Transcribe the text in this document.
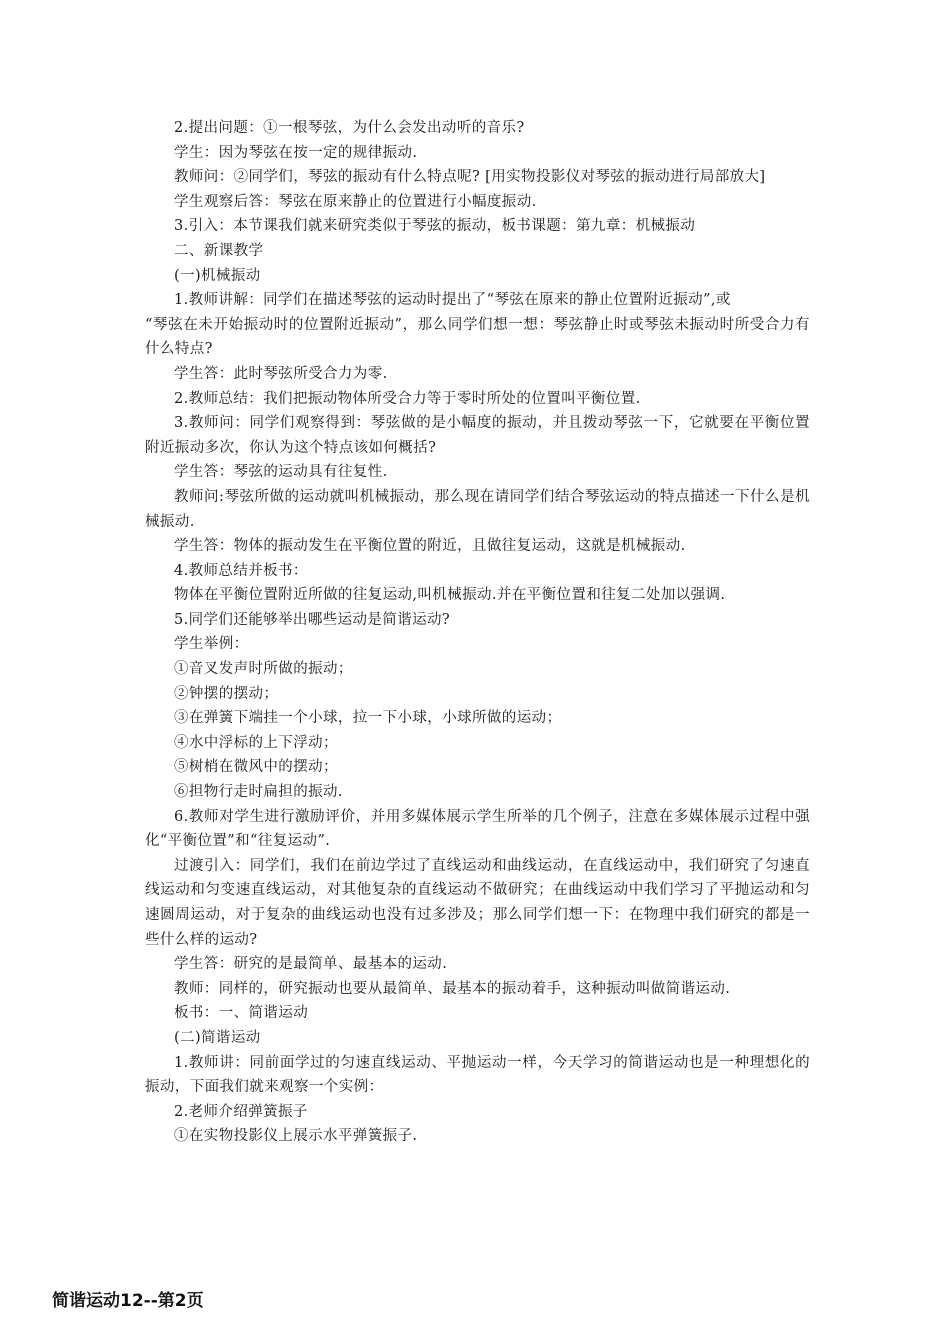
2.提出问题：①一根琴弦，为什么会发出动听的音乐?

学生：因为琴弦在按一定的规律振动.

教师问：②同学们，琴弦的振动有什么特点呢? [用实物投影仪对琴弦的振动进行局部放大]

学生观察后答：琴弦在原来静止的位置进行小幅度振动.

3.引入：本节课我们就来研究类似于琴弦的振动，板书课题：第九章：机械振动

二、新课教学

(一)机械振动

1.教师讲解：同学们在描述琴弦的运动时提出了“琴弦在原来的静止位置附近振动”,或

“琴弦在未开始振动时的位置附近振动”，那么同学们想一想：琴弦静止时或琴弦未振动时所受合力有什么特点?

学生答：此时琴弦所受合力为零.

2.教师总结：我们把振动物体所受合力等于零时所处的位置叫平衡位置.

3.教师问：同学们观察得到：琴弦做的是小幅度的振动，并且拨动琴弦一下，它就要在平衡位置附近振动多次，你认为这个特点该如何概括?

学生答：琴弦的运动具有往复性.

教师问:琴弦所做的运动就叫机械振动，那么现在请同学们结合琴弦运动的特点描述一下什么是机械振动.

学生答：物体的振动发生在平衡位置的附近，且做往复运动，这就是机械振动.

4.教师总结并板书：

物体在平衡位置附近所做的往复运动,叫机械振动.并在平衡位置和往复二处加以强调.

5.同学们还能够举出哪些运动是简谐运动?

学生举例：

①音叉发声时所做的振动；

②钟摆的摆动；

③在弹簧下端挂一个小球，拉一下小球，小球所做的运动；

④水中浮标的上下浮动；

⑤树梢在微风中的摆动；

⑥担物行走时扁担的振动.

6.教师对学生进行激励评价，并用多媒体展示学生所举的几个例子，注意在多媒体展示过程中强化“平衡位置”和“往复运动”.

过渡引入：同学们，我们在前边学过了直线运动和曲线运动，在直线运动中，我们研究了匀速直线运动和匀变速直线运动，对其他复杂的直线运动不做研究；在曲线运动中我们学习了平抛运动和匀速圆周运动，对于复杂的曲线运动也没有过多涉及；那么同学们想一下：在物理中我们研究的都是一些什么样的运动?

学生答：研究的是最简单、最基本的运动.

教师：同样的，研究振动也要从最简单、最基本的振动着手，这种振动叫做简谐运动.

板书：一、简谐运动

(二)简谐运动

1.教师讲：同前面学过的匀速直线运动、平抛运动一样，今天学习的简谐运动也是一种理想化的振动，下面我们就来观察一个实例：

2.老师介绍弹簧振子

①在实物投影仪上展示水平弹簧振子.

简谐运动12--第2页
